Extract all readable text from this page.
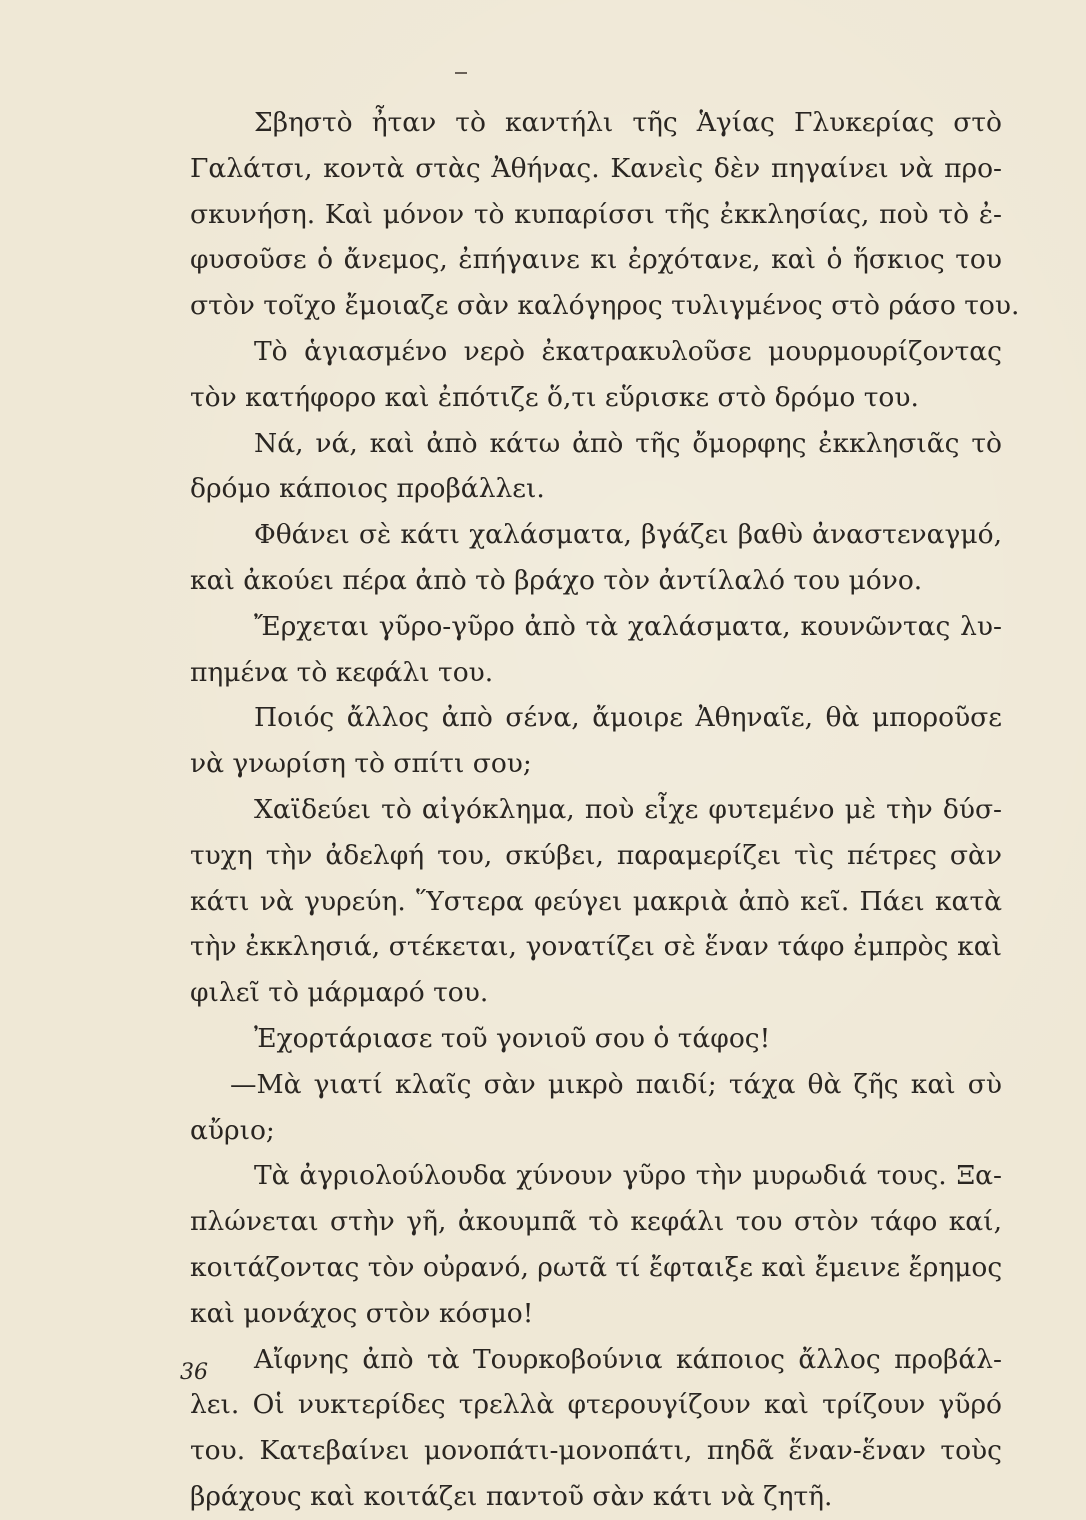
Σβηστὸ ἦταν τὸ καντήλι τῆς Ἁγίας Γλυκερίας στὸ
Γαλάτσι, κοντὰ στὰς Ἀθήνας. Κανεὶς δὲν πηγαίνει νὰ προ-
σκυνήση. Καὶ μόνον τὸ κυπαρίσσι τῆς ἐκκλησίας, ποὺ τὸ ἐ-
φυσοῦσε ὁ ἄνεμος, ἐπήγαινε κι ἐρχότανε, καὶ ὁ ἥσκιος του
στὸν τοῖχο ἔμοιαζε σὰν καλόγηρος τυλιγμένος στὸ ράσο του.
Τὸ ἁγιασμένο νερὸ ἐκατρακυλοῦσε μουρμουρίζοντας
τὸν κατήφορο καὶ ἐπότιζε ὅ,τι εὕρισκε στὸ δρόμο του.
Νά, νά, καὶ ἀπὸ κάτω ἀπὸ τῆς ὄμορφης ἐκκλησιᾶς τὸ
δρόμο κάποιος προβάλλει.
Φθάνει σὲ κάτι χαλάσματα, βγάζει βαθὺ ἀναστεναγμό,
καὶ ἀκούει πέρα ἀπὸ τὸ βράχο τὸν ἀντίλαλό του μόνο.
Ἔρχεται γῦρο-γῦρο ἀπὸ τὰ χαλάσματα, κουνῶντας λυ-
πημένα τὸ κεφάλι του.
Ποιός ἄλλος ἀπὸ σένα, ἄμοιρε Ἀθηναῖε, θὰ μποροῦσε
νὰ γνωρίση τὸ σπίτι σου;
Χαϊδεύει τὸ αἰγόκλημα, ποὺ εἶχε φυτεμένο μὲ τὴν δύσ-
τυχη τὴν ἀδελφή του, σκύβει, παραμερίζει τὶς πέτρες σὰν
κάτι νὰ γυρεύη. Ὕστερα φεύγει μακριὰ ἀπὸ κεῖ. Πάει κατὰ
τὴν ἐκκλησιά, στέκεται, γονατίζει σὲ ἕναν τάφο ἐμπρὸς καὶ
φιλεῖ τὸ μάρμαρό του.
Ἐχορτάριασε τοῦ γονιοῦ σου ὁ τάφος!
—Μὰ γιατί κλαῖς σὰν μικρὸ παιδί; τάχα θὰ ζῆς καὶ σὺ
αὔριο;
Τὰ ἀγριολούλουδα χύνουν γῦρο τὴν μυρωδιά τους. Ξα-
πλώνεται στὴν γῆ, ἀκουμπᾶ τὸ κεφάλι του στὸν τάφο καί,
κοιτάζοντας τὸν οὐρανό, ρωτᾶ τί ἔφταιξε καὶ ἔμεινε ἔρημος
καὶ μονάχος στὸν κόσμο!
Αἴφνης ἀπὸ τὰ Τουρκοβούνια κάποιος ἄλλος προβάλ-
λει. Οἱ νυκτερίδες τρελλὰ φτερουγίζουν καὶ τρίζουν γῦρό
του. Κατεβαίνει μονοπάτι-μονοπάτι, πηδᾶ ἕναν-ἕναν τοὺς
βράχους καὶ κοιτάζει παντοῦ σὰν κάτι νὰ ζητῆ.
36
